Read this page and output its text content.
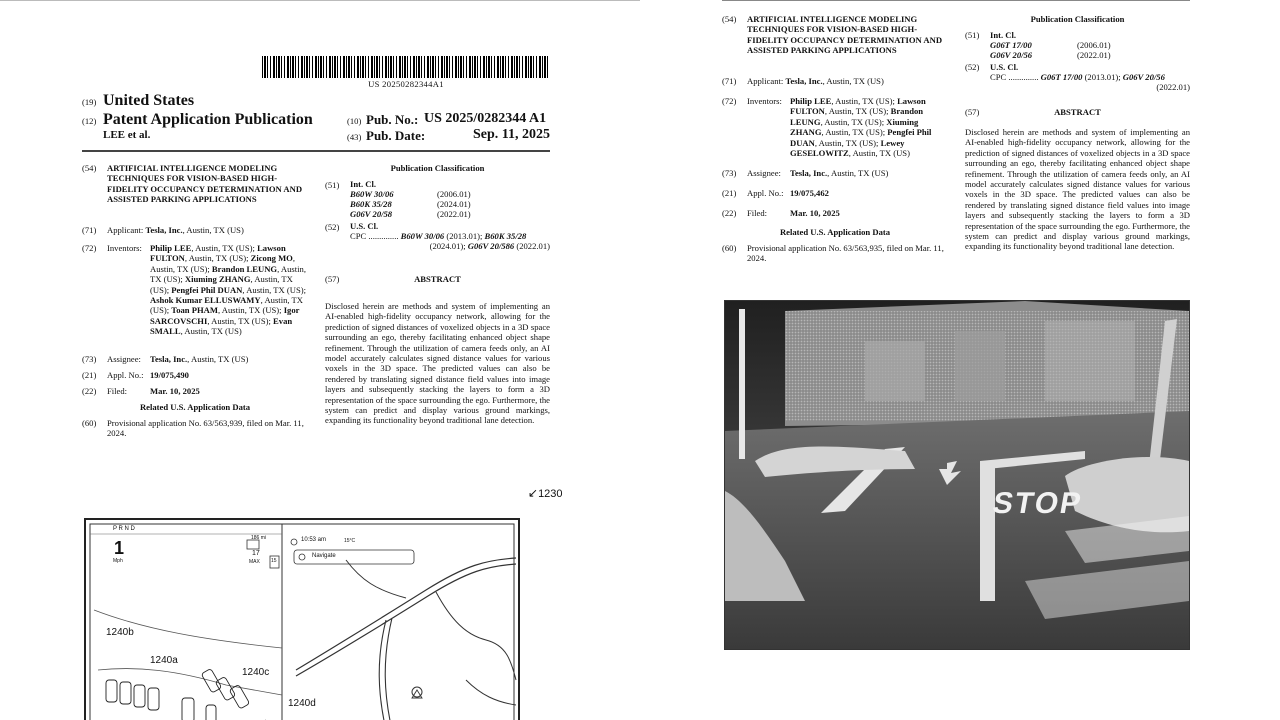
US 20250282344A1
(19) United States
(12) Patent Application Publication
LEE et al.
(10) Pub. No.: US 2025/0282344 A1
(43) Pub. Date:	Sep. 11, 2025
(54) ARTIFICIAL INTELLIGENCE MODELING TECHNIQUES FOR VISION-BASED HIGH-FIDELITY OCCUPANCY DETERMINATION AND ASSISTED PARKING APPLICATIONS
(71) Applicant: Tesla, Inc., Austin, TX (US)
(72) Inventors: Philip LEE, Austin, TX (US); Lawson FULTON, Austin, TX (US); Zicong MO, Austin, TX (US); Brandon LEUNG, Austin, TX (US); Xiuming ZHANG, Austin, TX (US); Pengfei Phil DUAN, Austin, TX (US); Ashok Kumar ELLUSWAMY, Austin, TX (US); Toan PHAM, Austin, TX (US); Igor SARCOVSCHI, Austin, TX (US); Evan SMALL, Austin, TX (US)
(73) Assignee: Tesla, Inc., Austin, TX (US)
(21) Appl. No.: 19/075,490
(22) Filed:	Mar. 10, 2025
Related U.S. Application Data
(60) Provisional application No. 63/563,939, filed on Mar. 11, 2024.
Publication Classification
(51) Int. Cl.
B60W 30/06	(2006.01)
B60K 35/28	(2024.01)
G06V 20/58	(2022.01)
(52) U.S. Cl.
CPC .............. B60W 30/06 (2013.01); B60K 35/28
(2024.01); G06V 20/586 (2022.01)
(57)	ABSTRACT
Disclosed herein are methods and system of implementing an AI-enabled high-fidelity occupancy network, allowing for the prediction of signed distances of voxelized objects in a 3D space surrounding an ego, thereby facilitating enhanced object shape refinement. Through the utilization of camera feeds only, an AI model accurately calculates signed distance values for various voxels in the 3D space. The predicted values can also be rendered by translating signed distance field values into image layers and subsequently stacking the layers to form a 3D representation of the space surrounding the ego. Furthermore, the system can predict and display various ground markings, expanding its functionality beyond traditional lane detection.
↙1230
P R N D
1
Mph
186 mi
17
MAX 15
10:53 am	15°C
Navigate
1240b
1240a
1240c
1240d
(54) ARTIFICIAL INTELLIGENCE MODELING TECHNIQUES FOR VISION-BASED HIGH-FIDELITY OCCUPANCY DETERMINATION AND ASSISTED PARKING APPLICATIONS
(71) Applicant: Tesla, Inc., Austin, TX (US)
(72) Inventors: Philip LEE, Austin, TX (US); Lawson FULTON, Austin, TX (US); Brandon LEUNG, Austin, TX (US); Xiuming ZHANG, Austin, TX (US); Pengfei Phil DUAN, Austin, TX (US); Lewey GESELOWITZ, Austin, TX (US)
(73) Assignee: Tesla, Inc., Austin, TX (US)
(21) Appl. No.: 19/075,462
(22) Filed:	Mar. 10, 2025
Related U.S. Application Data
(60) Provisional application No. 63/563,935, filed on Mar. 11, 2024.
Publication Classification
(51) Int. Cl.
G06T 17/00	(2006.01)
G06V 20/56	(2022.01)
(52) U.S. Cl.
CPC .............. G06T 17/00 (2013.01); G06V 20/56
(2022.01)
(57)	ABSTRACT
Disclosed herein are methods and system of implementing an AI-enabled high-fidelity occupancy network, allowing for the prediction of signed distances of voxelized objects in a 3D space surrounding an ego, thereby facilitating enhanced object shape refinement. Through the utilization of camera feeds only, an AI model accurately calculates signed distance values for various voxels in the 3D space. The predicted values can also be rendered by translating signed distance field values into image layers and subsequently stacking the layers to form a 3D representation of the space surrounding the ego. Furthermore, the system can predict and display various ground markings, expanding its functionality beyond traditional lane detection.
STOP
